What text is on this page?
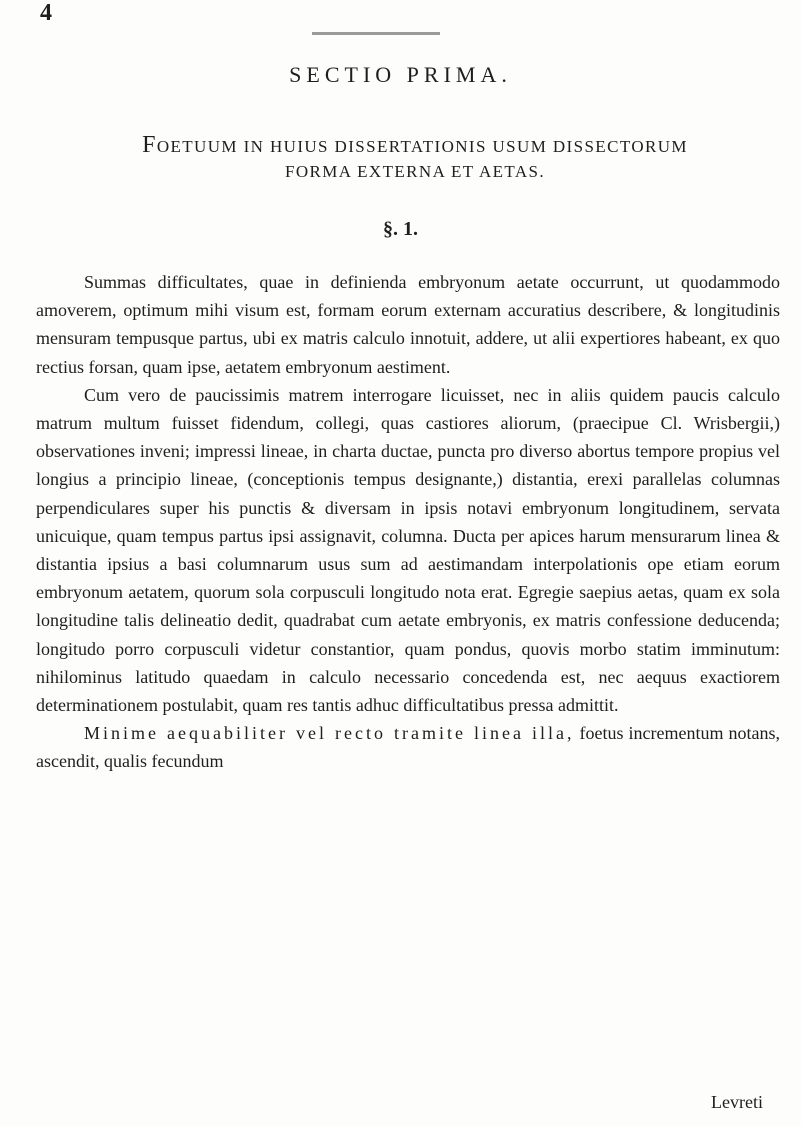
4
SECTIO PRIMA.
FOETUUM IN HUIUS DISSERTATIONIS USUM DISSECTORUM
FORMA EXTERNA ET AETAS.
§. 1.

Summas difficultates, quae in definienda embryonum aetate occurrunt, ut quodammodo amoverem, optimum mihi visum est, formam eorum externam accuratius describere, & longitudinis mensuram tempusque partus, ubi ex matris calculo innotuit, addere, ut alii expertiores habeant, ex quo rectius forsan, quam ipse, aetatem embryonum aestiment.

Cum vero de paucissimis matrem interrogare licuisset, nec in aliis quidem paucis calculo matrum multum fuisset fidendum, collegi, quas castiores aliorum, (praecipue Cl. Wrisbergii,) observationes inveni; impressi lineae, in charta ductae, puncta pro diverso abortus tempore propius vel longius a principio lineae, (conceptionis tempus designante,) distantia, erexi parallelas columnas perpendiculares super his punctis & diversam in ipsis notavi embryonum longitudinem, servata unicuique, quam tempus partus ipsi assignavit, columna. Ducta per apices harum mensurarum linea & distantia ipsius a basi columnarum usus sum ad aestimandam interpolationis ope etiam eorum embryonum aetatem, quorum sola corpusculi longitudo nota erat. Egregie saepius aetas, quam ex sola longitudine talis delineatio dedit, quadrabat cum aetate embryonis, ex matris confessione deducenda; longitudo porro corpusculi videtur constantior, quam pondus, quovis morbo statim imminutum: nihilominus latitudo quaedam in calculo necessario concedenda est, nec aequus exactiorem determinationem postulabit, quam res tantis adhuc difficultatibus pressa admittit.

Minime aequabiliter vel recto tramite linea illa, foetus incrementum notans, ascendit, qualis fecundum

Levreti
